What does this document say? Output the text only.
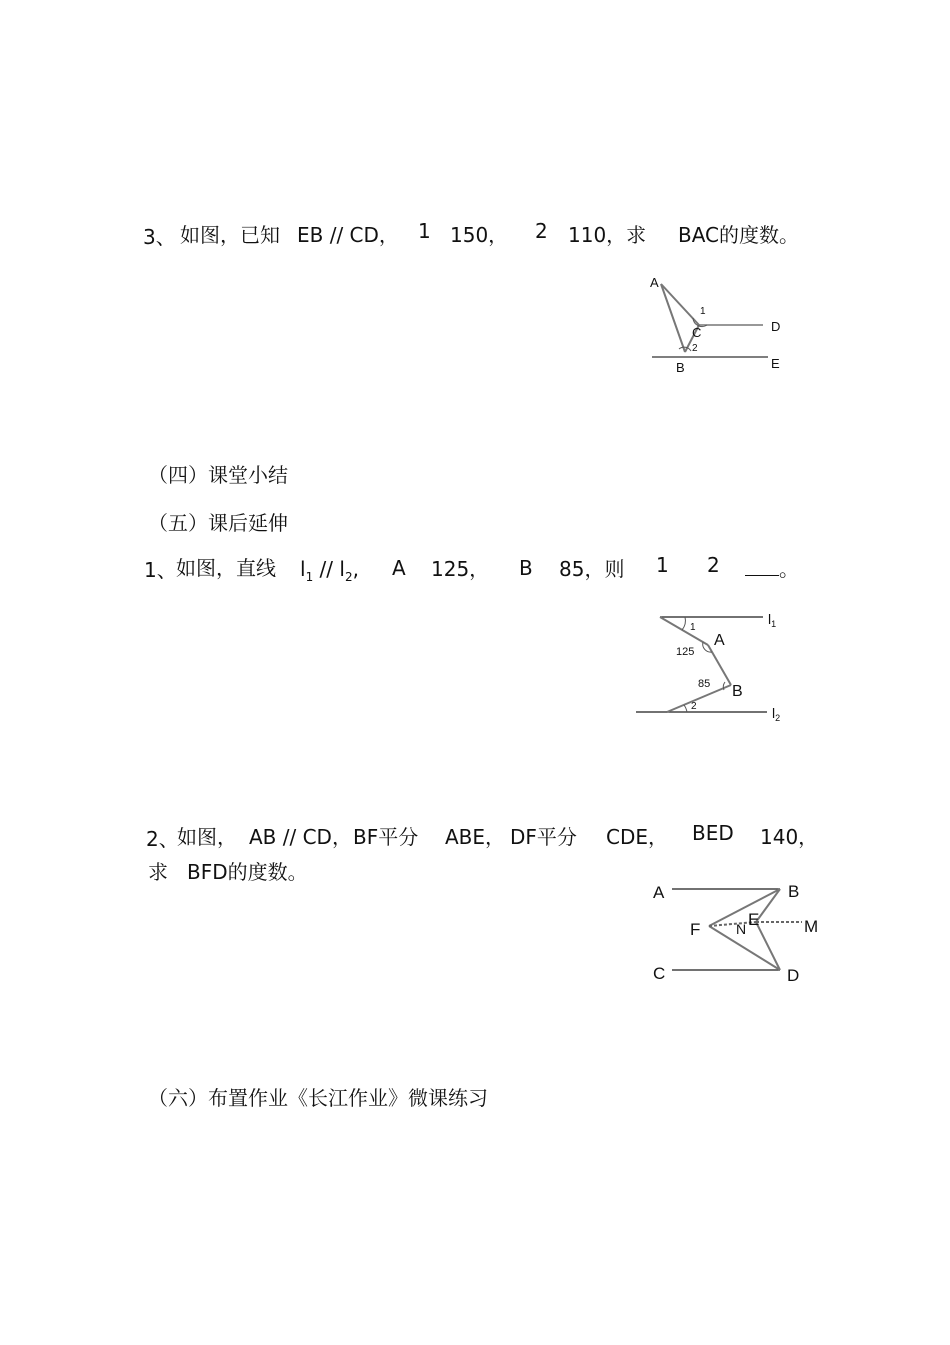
3、 如图，已知 EB // CD， 1 150， 2 110，求 BAC的度数。
A
1
C	D
2
B	E
（四）课堂小结
（五）课后延伸
1、 如图，直线 $l_1 // l_2$, A 125， B 85，则 1 2	。
$l_1$
1
A
125
85 B
2	$l_2$
2、
如图， AB // CD， BF平分 ABE， DF平分 CDE， BED 140，
求 BFD的度数。
A	B
E	M
F	N
C	D
（六）布置作业《长江作业》微课练习
